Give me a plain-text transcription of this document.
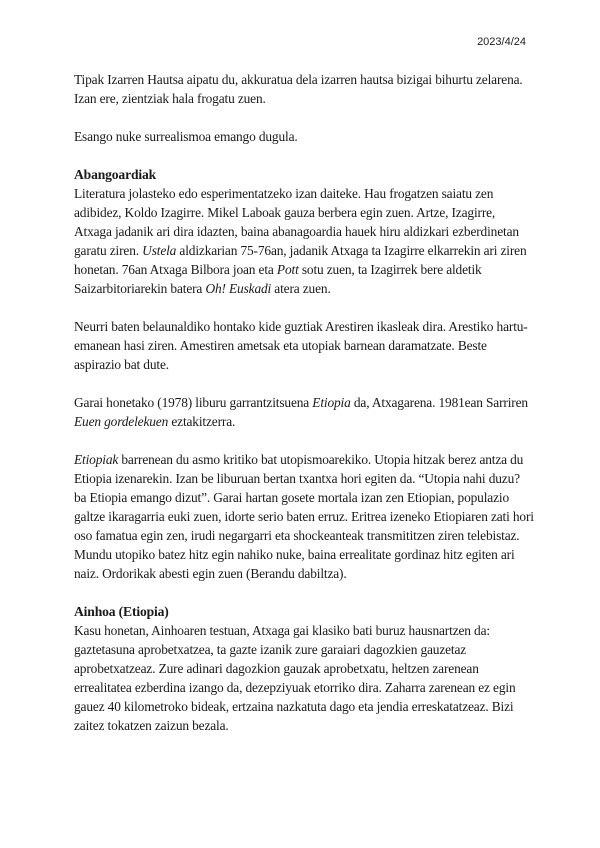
2023/4/24

Tipak Izarren Hautsa aipatu du, akkuratua dela izarren hautsa bizigai bihurtu zelarena. Izan ere, zientziak hala frogatu zuen.

Esango nuke surrealismoa emango dugula.

Abangoardiak

Literatura jolasteko edo esperimentatzeko izan daiteke. Hau frogatzen saiatu zen adibidez, Koldo Izagirre. Mikel Laboak gauza berbera egin zuen. Artze, Izagirre, Atxaga jadanik ari dira idazten, baina abanagoardia hauek hiru aldizkari ezberdinetan garatu ziren. Ustela aldizkarian 75-76an, jadanik Atxaga ta Izagirre elkarrekin ari ziren honetan. 76an Atxaga Bilbora joan eta Pott sotu zuen, ta Izagirrek bere aldetik Saizarbitoriarekin batera Oh! Euskadi atera zuen.

Neurri baten belaunaldiko hontako kide guztiak Arestiren ikasleak dira. Arestiko hartu-emanean hasi ziren. Amestiren ametsak eta utopiak barnean daramatzate. Beste aspirazio bat dute.

Garai honetako (1978) liburu garrantzitsuena Etiopia da, Atxagarena. 1981ean Sarriren Euen gordelekuen eztakitzerra.

Etiopiak barrenean du asmo kritiko bat utopismoarekiko. Utopia hitzak berez antza du Etiopia izenarekin. Izan be liburuan bertan txantxa hori egiten da. “Utopia nahi duzu? ba Etiopia emango dizut”. Garai hartan gosete mortala izan zen Etiopian, populazio galtze ikaragarria euki zuen, idorte serio baten erruz. Eritrea izeneko Etiopiaren zati hori oso famatua egin zen, irudi negargarri eta shockeanteak transmititzen ziren telebistaz. Mundu utopiko batez hitz egin nahiko nuke, baina errealitate gordinaz hitz egiten ari naiz. Ordorikak abesti egin zuen (Berandu dabiltza).

Ainhoa (Etiopia)

Kasu honetan, Ainhoaren testuan, Atxaga gai klasiko bati buruz hausnartzen da: gaztetasuna aprobetxatzea, ta gazte izanik zure garaiari dagozkien gauzetaz aprobetxatzeaz. Zure adinari dagozkion gauzak aprobetxatu, heltzen zarenean errealitatea ezberdina izango da, dezepziyuak etorriko dira. Zaharra zarenean ez egin gauez 40 kilometroko bideak, ertzaina nazkatuta dago eta jendia erreskatatzeaz. Bizi zaitez tokatzen zaizun bezala.
